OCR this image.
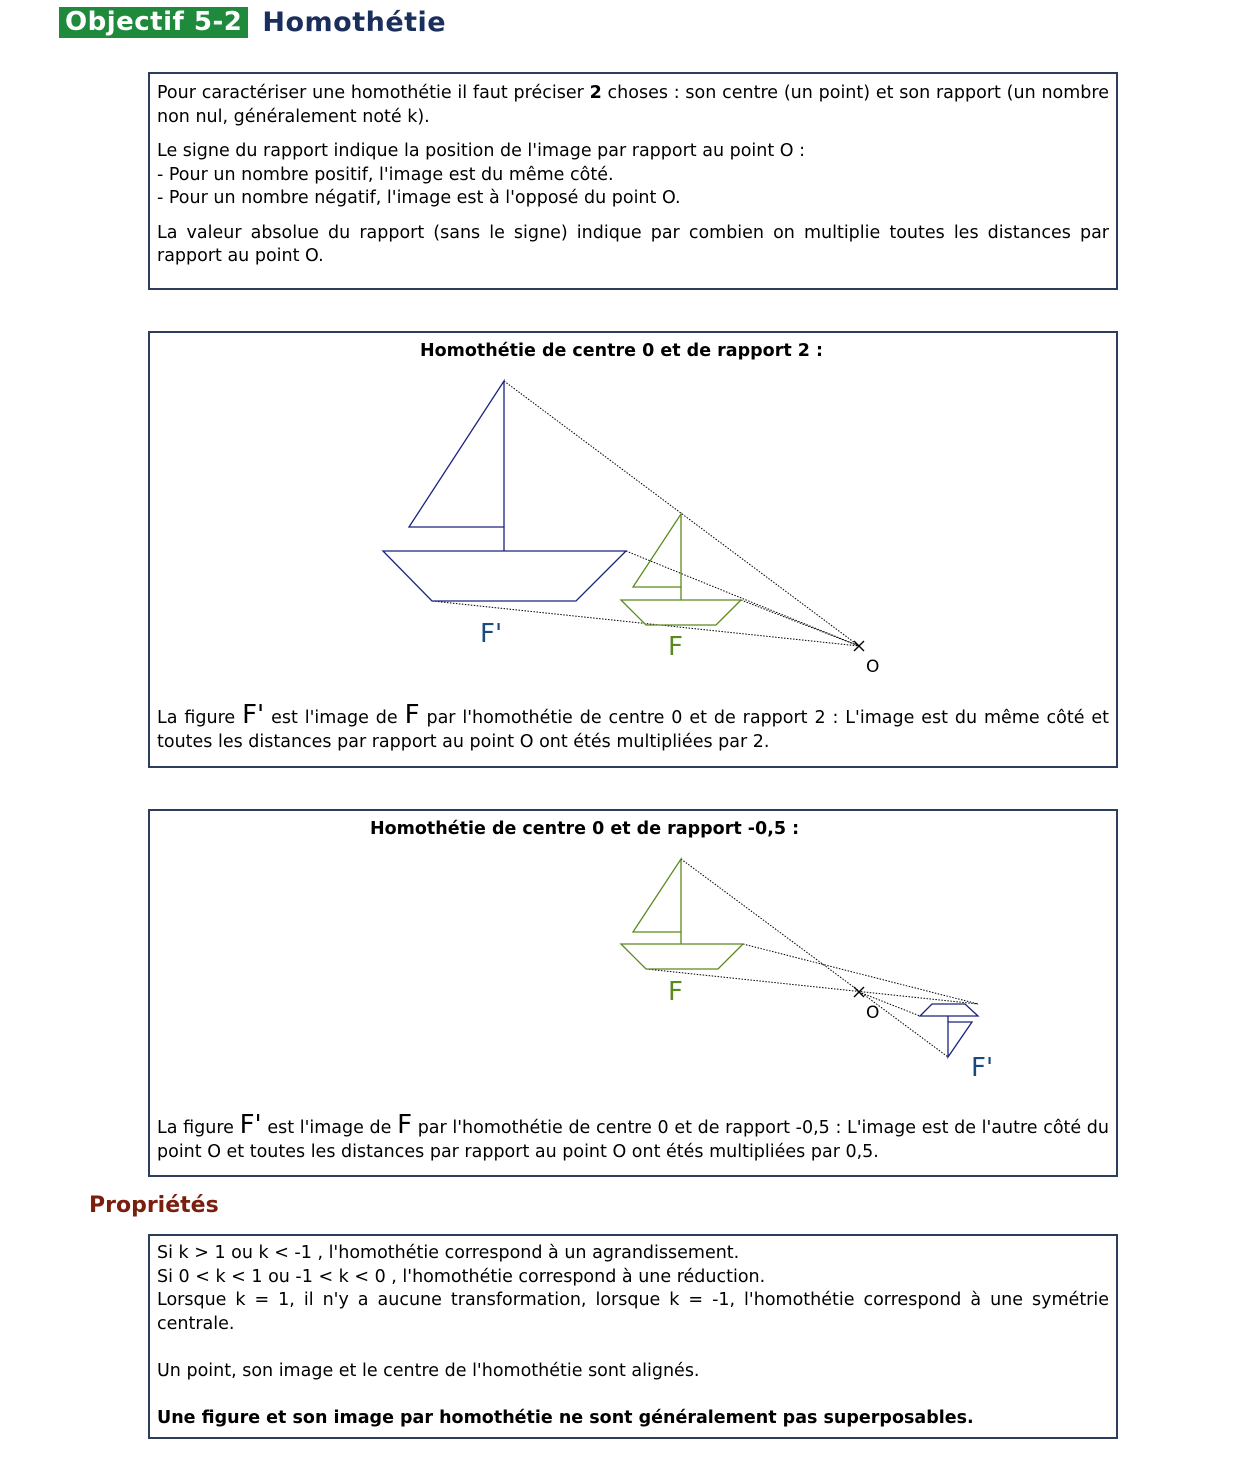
Objectif 5-2 Homothétie

Pour caractériser une homothétie il faut préciser 2 choses : son centre (un point) et son rapport (un nombre non nul, généralement noté k).

Le signe du rapport indique la position de l'image par rapport au point O :
- Pour un nombre positif, l'image est du même côté.
- Pour un nombre négatif, l'image est à l'opposé du point O.

La valeur absolue du rapport (sans le signe) indique par combien on multiplie toutes les distances par rapport au point O.

Homothétie de centre 0 et de rapport 2 :
F'	F
O
La figure F' est l'image de F par l'homothétie de centre 0 et de rapport 2 : L'image est du même côté et toutes les distances par rapport au point O ont étés multipliées par 2.
Homothétie de centre 0 et de rapport -0,5 :
F
O
F'
La figure F' est l'image de F par l'homothétie de centre 0 et de rapport -0,5 : L'image est de l'autre côté du point O et toutes les distances par rapport au point O ont étés multipliées par 0,5.
Propriétés
Si k > 1 ou k < -1 , l'homothétie correspond à un agrandissement.
Si 0 < k < 1 ou -1 < k < 0 , l'homothétie correspond à une réduction.
Lorsque k = 1, il n'y a aucune transformation, lorsque k = -1, l'homothétie correspond à une symétrie centrale.
Un point, son image et le centre de l'homothétie sont alignés.
Une figure et son image par homothétie ne sont généralement pas superposables.
